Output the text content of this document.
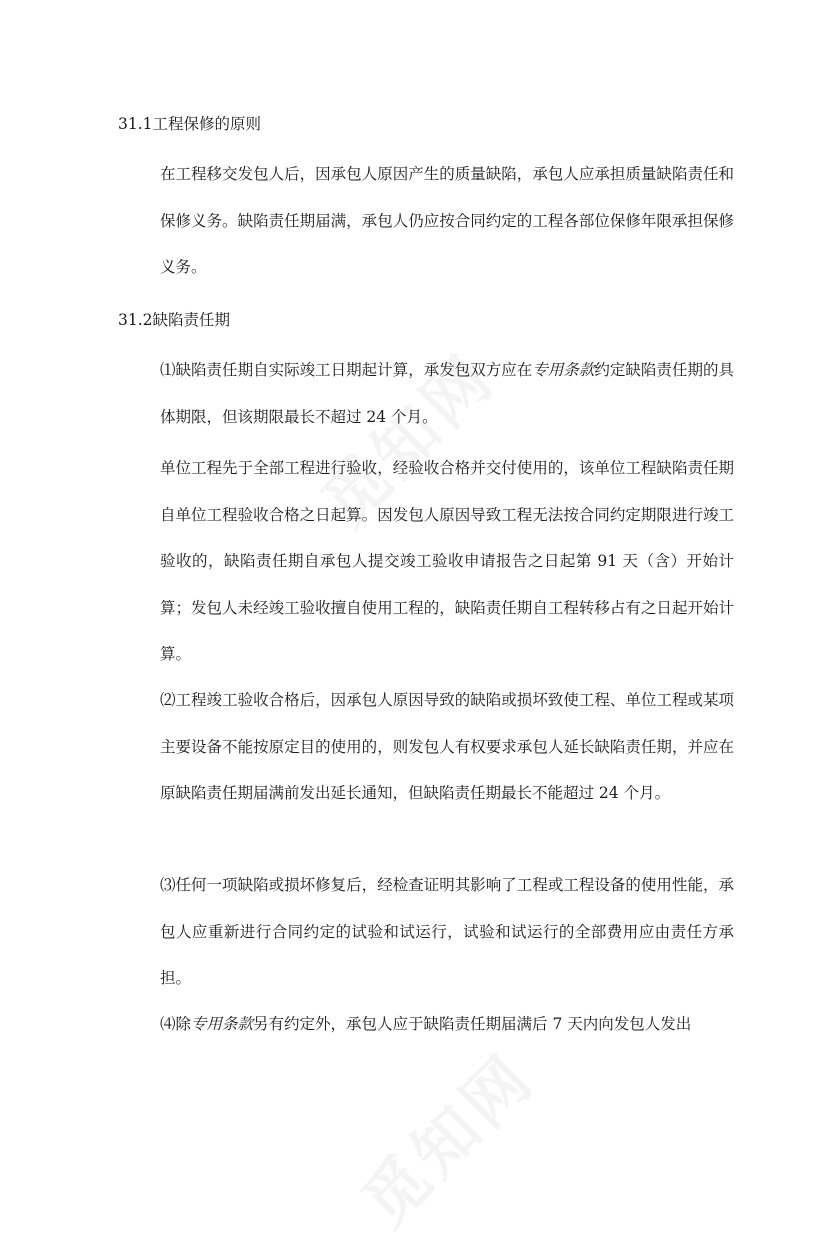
31.1工程保修的原则
在工程移交发包人后，因承包人原因产生的质量缺陷，承包人应承担质量缺陷责任和保修义务。缺陷责任期届满，承包人仍应按合同约定的工程各部位保修年限承担保修义务。
31.2缺陷责任期
⑴缺陷责任期自实际竣工日期起计算，承发包双方应在专用条款约定缺陷责任期的具体期限，但该期限最长不超过 24 个月。
单位工程先于全部工程进行验收，经验收合格并交付使用的，该单位工程缺陷责任期自单位工程验收合格之日起算。因发包人原因导致工程无法按合同约定期限进行竣工验收的，缺陷责任期自承包人提交竣工验收申请报告之日起第 91 天（含）开始计算；发包人未经竣工验收擅自使用工程的，缺陷责任期自工程转移占有之日起开始计算。
⑵工程竣工验收合格后，因承包人原因导致的缺陷或损坏致使工程、单位工程或某项主要设备不能按原定目的使用的，则发包人有权要求承包人延长缺陷责任期，并应在原缺陷责任期届满前发出延长通知，但缺陷责任期最长不能超过 24 个月。
⑶任何一项缺陷或损坏修复后，经检查证明其影响了工程或工程设备的使用性能，承包人应重新进行合同约定的试验和试运行，试验和试运行的全部费用应由责任方承担。
⑷除专用条款另有约定外，承包人应于缺陷责任期届满后 7 天内向发包人发出
